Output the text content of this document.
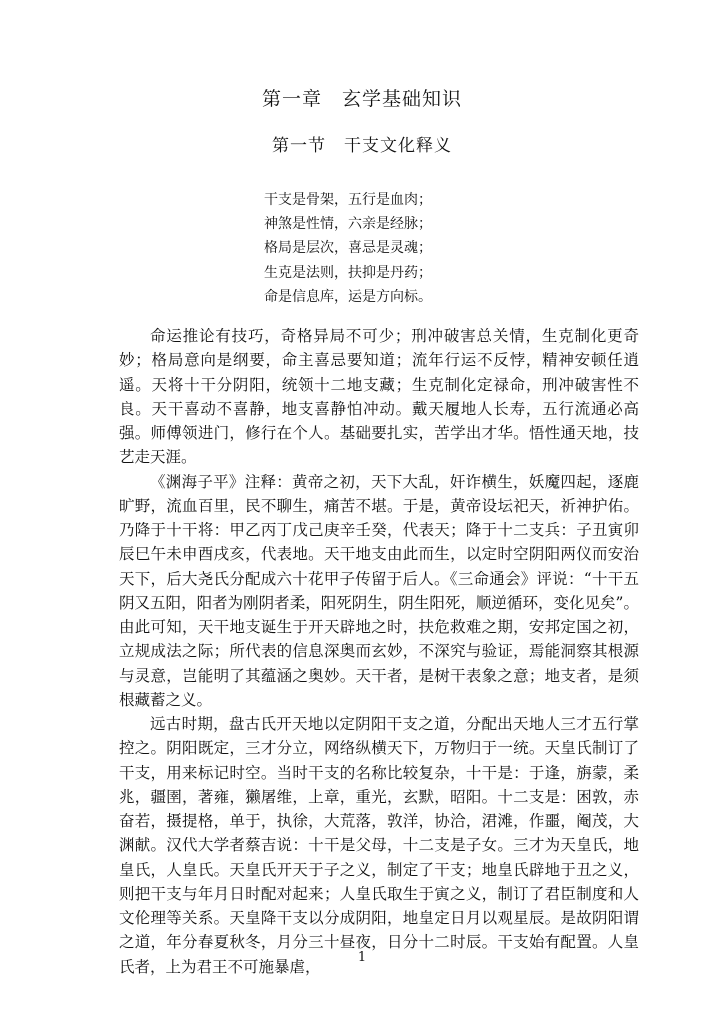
第一章　玄学基础知识
第一节　干支文化释义
干支是骨架，五行是血肉；
神煞是性情，六亲是经脉；
格局是层次，喜忌是灵魂；
生克是法则，扶抑是丹药；
命是信息库，运是方向标。

命运推论有技巧，奇格异局不可少；刑冲破害总关情，生克制化更奇妙；格局意向是纲要，命主喜忌要知道；流年行运不反悖，精神安顿任逍遥。天将十干分阴阳，统领十二地支藏；生克制化定禄命，刑冲破害性不良。天干喜动不喜静，地支喜静怕冲动。戴天履地人长寿，五行流通必高强。师傅领进门，修行在个人。基础要扎实，苦学出才华。悟性通天地，技艺走天涯。

《渊海子平》注释：黄帝之初，天下大乱，奸诈横生，妖魔四起，逐鹿旷野，流血百里，民不聊生，痛苦不堪。于是，黄帝设坛祀天，祈神护佑。乃降于十干将：甲乙丙丁戊己庚辛壬癸，代表天；降于十二支兵：子丑寅卯辰巳午未申酉戌亥，代表地。天干地支由此而生，以定时空阴阳两仪而安治天下，后大尧氏分配成六十花甲子传留于后人。《三命通会》评说：“十干五阴又五阳，阳者为刚阴者柔，阳死阴生，阴生阳死，顺逆循环，变化见矣”。由此可知，天干地支诞生于开天辟地之时，扶危救难之期，安邦定国之初，立规成法之际；所代表的信息深奥而玄妙，不深究与验证，焉能洞察其根源与灵意，岂能明了其蕴涵之奥妙。天干者，是树干表象之意；地支者，是须根藏蓄之义。

远古时期，盘古氏开天地以定阴阳干支之道，分配出天地人三才五行掌控之。阴阳既定，三才分立，网络纵横天下，万物归于一统。天皇氏制订了干支，用来标记时空。当时干支的名称比较复杂，十干是：于逢，旃蒙，柔兆，疆圉，著雍，獭屠维，上章，重光，玄默，昭阳。十二支是：困敦，赤奋若，摄提格，单于，执徐，大荒落，敦洋，协洽，涒滩，作噩，阉茂，大渊献。汉代大学者蔡吉说：十干是父母，十二支是子女。三才为天皇氏，地皇氏，人皇氏。天皇氏开天于子之义，制定了干支；地皇氏辟地于丑之义，则把干支与年月日时配对起来；人皇氏取生于寅之义，制订了君臣制度和人文伦理等关系。天皇降干支以分成阴阳，地皇定日月以观星辰。是故阴阳谓之道，年分春夏秋冬，月分三十昼夜，日分十二时辰。干支始有配置。人皇氏者，上为君王不可施暴虐，	1
